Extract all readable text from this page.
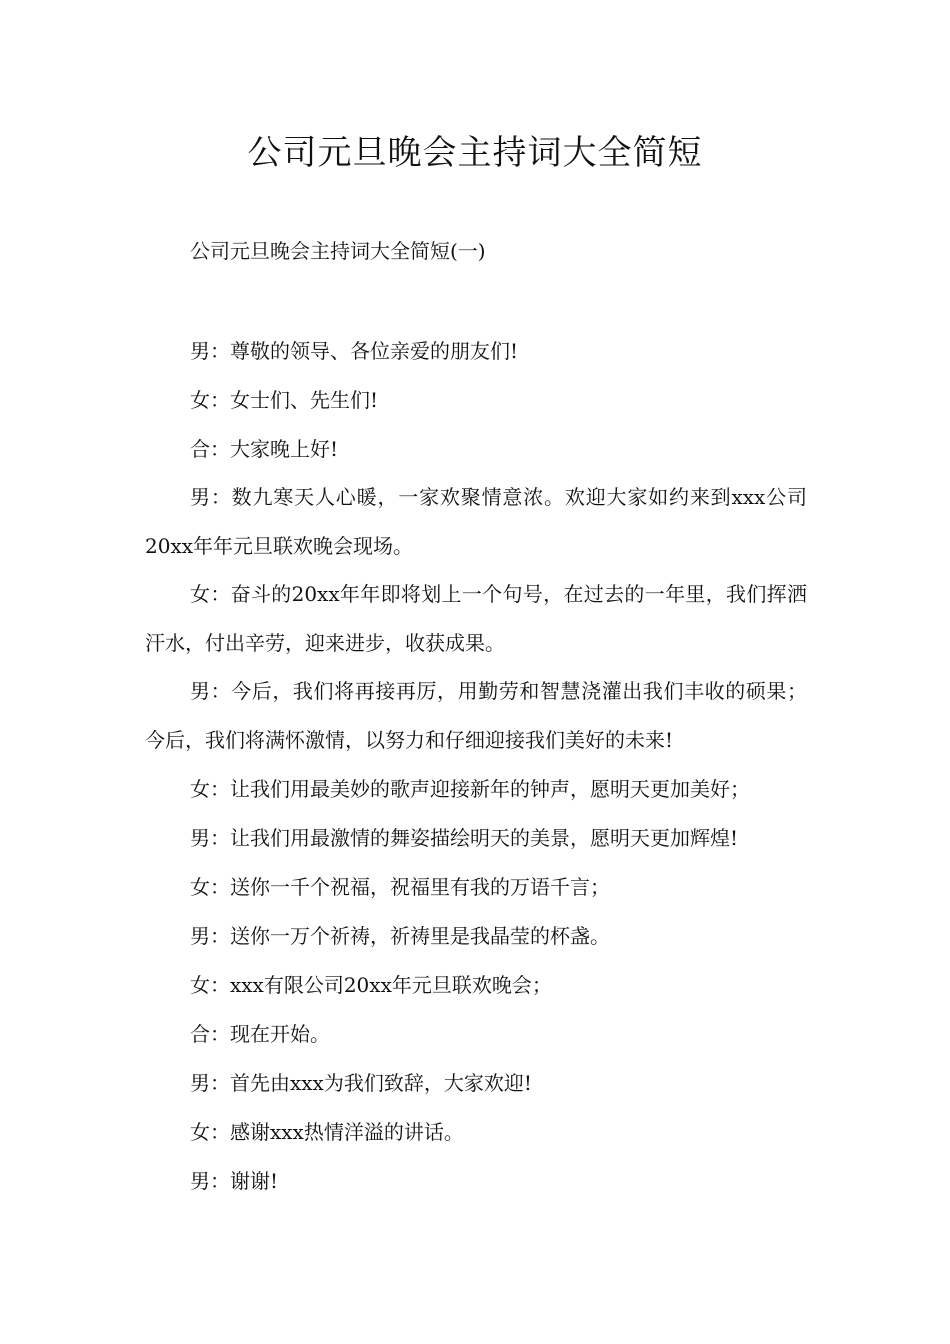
公司元旦晚会主持词大全简短
公司元旦晚会主持词大全简短(一)

男：尊敬的领导、各位亲爱的朋友们!

女：女士们、先生们!

合：大家晚上好!

男：数九寒天人心暖，一家欢聚情意浓。欢迎大家如约来到xxx公司20xx年年元旦联欢晚会现场。

女：奋斗的20xx年年即将划上一个句号，在过去的一年里，我们挥洒汗水，付出辛劳，迎来进步，收获成果。

男：今后，我们将再接再厉，用勤劳和智慧浇灌出我们丰收的硕果；今后，我们将满怀激情，以努力和仔细迎接我们美好的未来!

女：让我们用最美妙的歌声迎接新年的钟声，愿明天更加美好；

男：让我们用最激情的舞姿描绘明天的美景，愿明天更加辉煌!

女：送你一千个祝福，祝福里有我的万语千言；

男：送你一万个祈祷，祈祷里是我晶莹的杯盏。

女：xxx有限公司20xx年元旦联欢晚会；

合：现在开始。

男：首先由xxx为我们致辞，大家欢迎!

女：感谢xxx热情洋溢的讲话。

男：谢谢!
